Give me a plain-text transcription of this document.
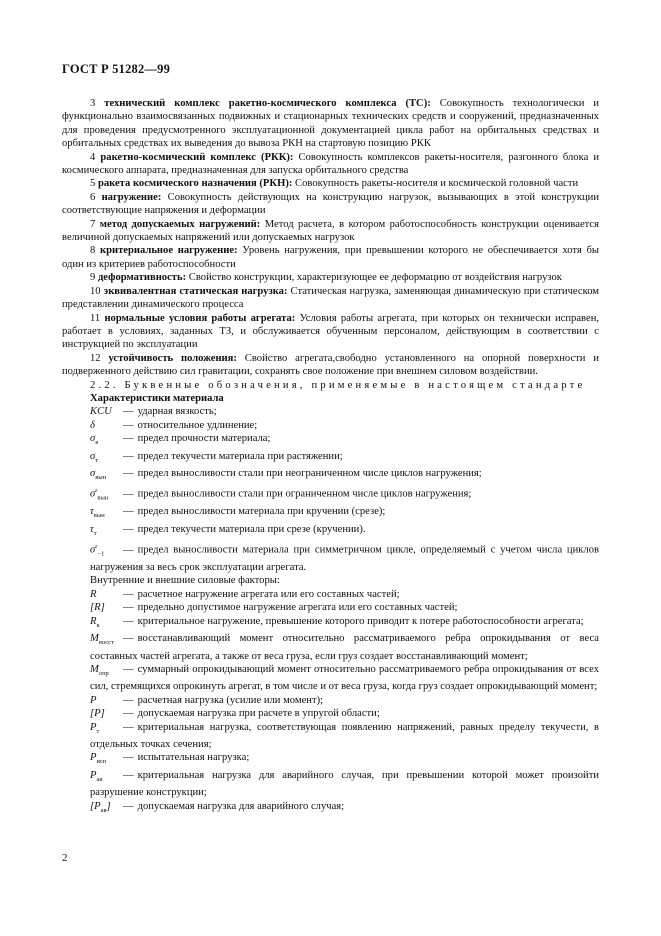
ГОСТ Р 51282—99

3 технический комплекс ракетно-космического комплекса (ТС): Совокупность технологически и функционально взаимосвязанных подвижных и стационарных технических средств и сооружений, предназначенных для проведения предусмотренного эксплуатационной документацией цикла работ на орбитальных средствах и орбитальных средствах их выведения до вывоза РКН на стартовую позицию РКК

4 ракетно-космический комплекс (РКК): Совокупность комплексов ракеты-носителя, разгонного блока и космического аппарата, предназначенная для запуска орбитального средства

5 ракета космического назначения (РКН): Совокупность ракеты-носителя и космической головной части

6 нагружение: Совокупность действующих на конструкцию нагрузок, вызывающих в этой конструкции соответствующие напряжения и деформации

7 метод допускаемых нагружений: Метод расчета, в котором работоспособность конструкции оценивается величиной допускаемых напряжений или допускаемых нагрузок

8 критериальное нагружение: Уровень нагружения, при превышении которого не обеспечивается хотя бы один из критериев работоспособности

9 деформативность: Свойство конструкции, характеризующее ее деформацию от воздействия нагрузок

10 эквивалентная статическая нагрузка: Статическая нагрузка, заменяющая динамическую при статическом представлении динамического процесса

11 нормальные условия работы агрегата: Условия работы агрегата, при которых он технически исправен, работает в условиях, заданных ТЗ, и обслуживается обученным персоналом, действующим в соответствии с инструкцией по эксплуатации

12 устойчивость положения: Свойство агрегата,свободно установленного на опорной поверхности и подверженного действию сил гравитации, сохранять свое положение при внешнем силовом воздействии.

2.2. Буквенные обозначения, применяемые в настоящем стандарте

Характеристики материала

KCU — ударная вязкость;
δ	— относительное удлинение;
$\sigma_в$ — предел прочности материала;
$\sigma_т$ — предел текучести материала при растяжении;
$\sigma_{вын}$ — предел выносливости стали при неограниченном числе циклов нагружения;
$\sigma^r_{вын}$ — предел выносливости стали при ограниченном числе циклов нагружения;
$\tau_{вын}$ — предел выносливости материала при кручении (срезе);
$\tau_т$ — предел текучести материала при срезе (кручении).
$\sigma^r_{-1}$ — предел выносливости материала при симметричном цикле, определяемый с учетом числа циклов нагружения за весь срок эксплуатации агрегата.

Внутренние и внешние силовые факторы:

R	— расчетное нагружение агрегата или его составных частей;
[R] — предельно допустимое нагружение агрегата или его составных частей;
$R_к$ — критериальное нагружение, превышение которого приводит к потере работоспособности агрегата;
$M_{восст}$ — восстанавливающий момент относительно рассматриваемого ребра опрокидывания от веса составных частей агрегата, а также от веса груза, если груз создает восстанавливающий момент;
$M_{опр}$ — суммарный опрокидывающий момент относительно рассматриваемого ребра опрокидывания от всех сил, стремящихся опрокинуть агрегат, в том числе и от веса груза, когда груз создает опрокидывающий момент;
P	— расчетная нагрузка (усилие или момент);
[P] — допускаемая нагрузка при расчете в упругой области;
$P_т$ — критериальная нагрузка, соответствующая появлению напряжений, равных пределу текучести, в отдельных точках сечения;
$P_{исп}$ — испытательная нагрузка;
$P_{ав}$ — критериальная нагрузка для аварийного случая, при превышении которой может произойти разрушение конструкции;
$[P_{ав}]$ — допускаемая нагрузка для аварийного случая;
2
